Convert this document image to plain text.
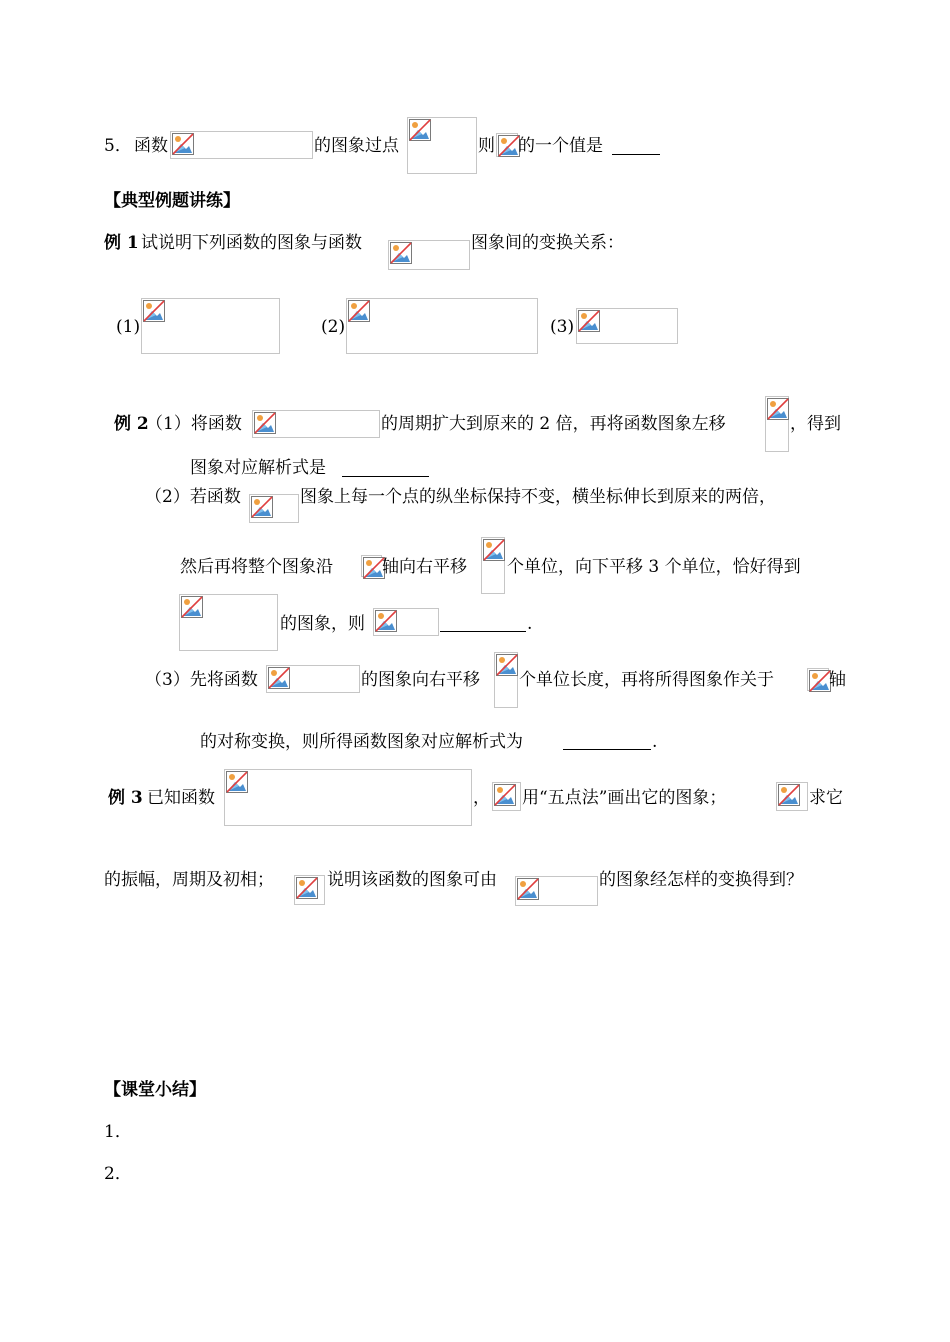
5． 函数	的图象过点	则 的一个值是
【典型例题讲练】
例 1 试说明下列函数的图象与函数	图象间的变换关系：
(1)	(2)	(3)
例 2
（1）将函数	的周期扩大到原来的 2 倍，再将函数图象左移	，得到
图象对应解析式是
（2）若函数	图象上每一个点的纵坐标保持不变，横坐标伸长到原来的两倍，
然后再将整个图象沿	轴向右平移 个单位，向下平移 3 个单位，恰好得到
的图象，则	.
（3）先将函数	的图象向右平移 个单位长度，再将所得图象作关于	轴
的对称变换，则所得函数图象对应解析式为	.
例 3 已知函数	， 用“五点法”画出它的图象；	求它
的振幅，周期及初相；	说明该函数的图象可由	的图象经怎样的变换得到？
【课堂小结】
1．
2．
